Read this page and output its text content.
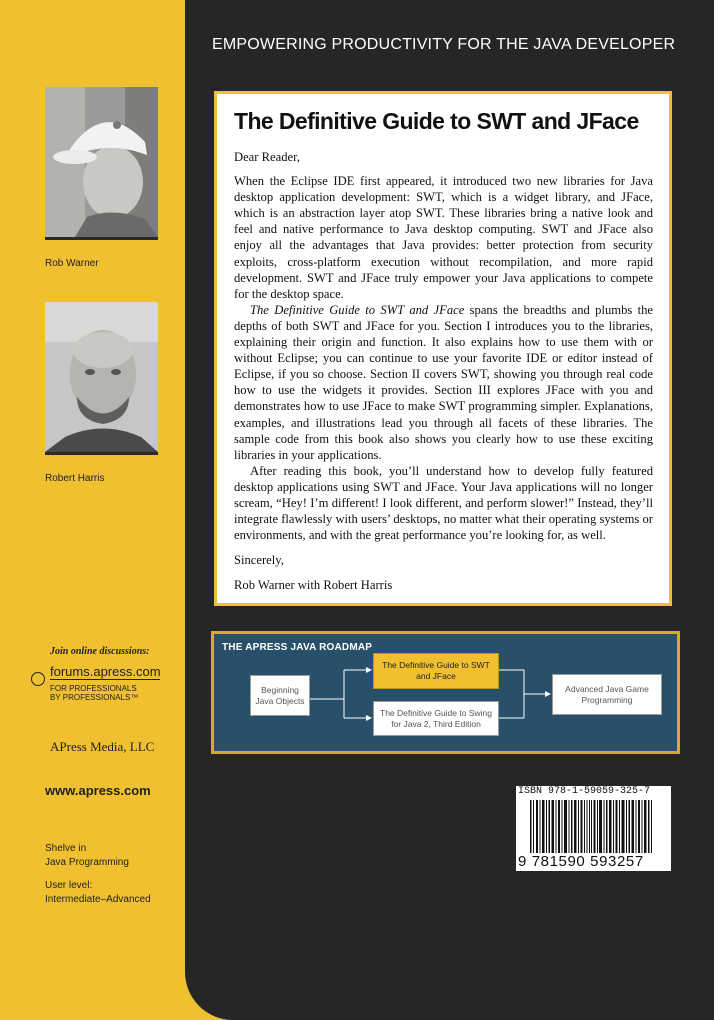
EMPOWERING PRODUCTIVITY FOR THE JAVA DEVELOPER
The Definitive Guide to SWT and JFace

Dear Reader,

When the Eclipse IDE first appeared, it introduced two new libraries for Java desktop application development: SWT, which is a widget library, and JFace, which is an abstraction layer atop SWT. These libraries bring a native look and feel and native performance to Java desktop computing. SWT and JFace also enjoy all the advantages that Java provides: better protection from security exploits, cross-platform execution without recompilation, and more rapid development. SWT and JFace truly empower your Java applications to compete for the desktop space.

The Definitive Guide to SWT and JFace spans the breadths and plumbs the depths of both SWT and JFace for you. Section I introduces you to the libraries, explaining their origin and function. It also explains how to use them with or without Eclipse; you can continue to use your favorite IDE or editor instead of Eclipse, if you so choose. Section II covers SWT, showing you through real code how to use the widgets it provides. Section III explores JFace with you and demonstrates how to use JFace to make SWT programming simpler. Explanations, examples, and illustrations lead you through all facets of these libraries. The sample code from this book also shows you clearly how to use these exciting libraries in your applications.

After reading this book, you’ll understand how to develop fully featured desktop applications using SWT and JFace. Your Java applications will no longer scream, “Hey! I’m different! I look different, and perform slower!” Instead, they’ll integrate flawlessly with users’ desktops, no matter what their operating systems or environments, and with the great performance you’re looking for, as well.

Sincerely,

Rob Warner with Robert Harris

Rob Warner
Robert Harris
Join online discussions:
forums.apress.com
FOR PROFESSIONALS
BY PROFESSIONALS™
APress Media, LLC
www.apress.com
Shelve in
Java Programming
User level:
Intermediate–Advanced
THE APRESS JAVA ROADMAP
Beginning Java Objects
The Definitive Guide to SWT and JFace
The Definitive Guide to Swing for Java 2, Third Edition
Advanced Java Game Programming
ISBN 978-1-59059-325-7
9 781590 593257
